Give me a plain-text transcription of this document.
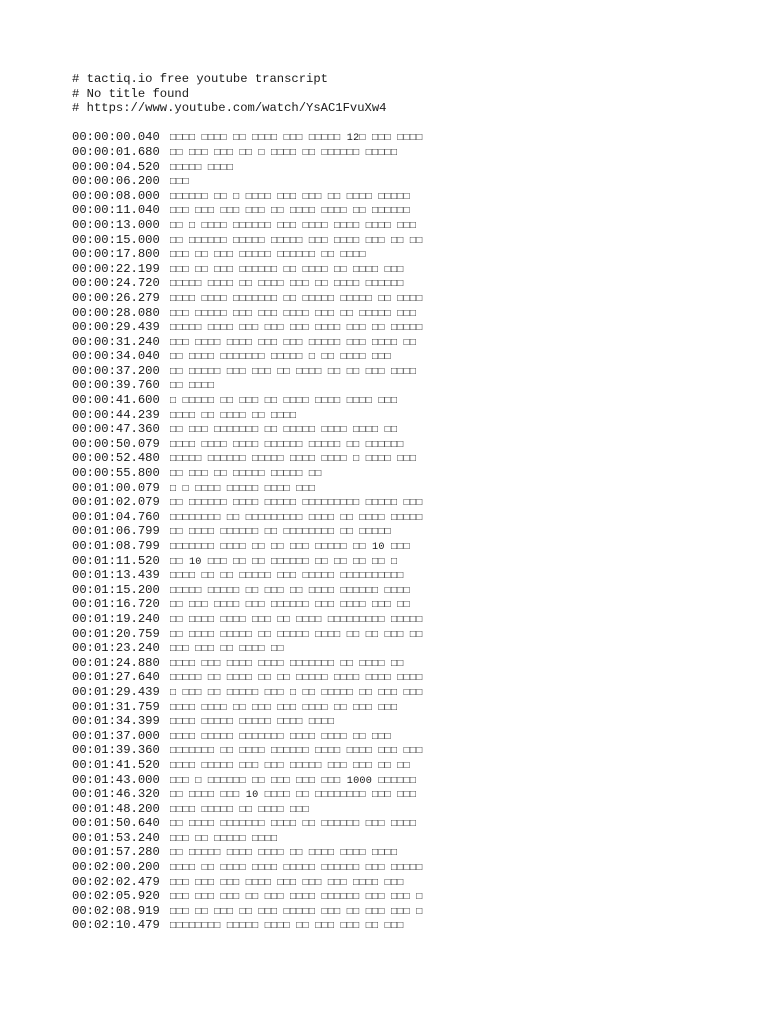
# tactiq.io free youtube transcript
# No title found
# https://www.youtube.com/watch/YsAC1FvuXw4
00:00:00.040 □□□□ □□□□ □□ □□□□ □□□ □□□□□ 12□ □□□ □□□□
00:00:01.680 □□ □□□ □□□ □□ □ □□□□ □□ □□□□□□ □□□□□
00:00:04.520 □□□□□ □□□□
00:00:06.200 □□□
00:00:08.000 □□□□□□ □□ □ □□□□ □□□ □□□ □□ □□□□ □□□□□
00:00:11.040 □□□ □□□ □□□ □□□ □□ □□□□ □□□□ □□ □□□□□□
00:00:13.000 □□ □ □□□□ □□□□□□ □□□ □□□□ □□□□ □□□□ □□□
00:00:15.000 □□ □□□□□□ □□□□□ □□□□□ □□□ □□□□ □□□ □□ □□
00:00:17.800 □□□ □□ □□□ □□□□□ □□□□□□ □□ □□□□
00:00:22.199 □□□ □□ □□□ □□□□□□ □□ □□□□ □□ □□□□ □□□
00:00:24.720 □□□□□ □□□□ □□ □□□□ □□□ □□ □□□□ □□□□□□
00:00:26.279 □□□□ □□□□ □□□□□□□ □□ □□□□□ □□□□□ □□ □□□□
00:00:28.080 □□□ □□□□□ □□□ □□□ □□□□ □□□ □□ □□□□□ □□□
00:00:29.439 □□□□□ □□□□ □□□ □□□ □□□ □□□□ □□□ □□ □□□□□
00:00:31.240 □□□ □□□□ □□□□ □□□ □□□ □□□□□ □□□ □□□□ □□
00:00:34.040 □□ □□□□ □□□□□□□ □□□□□ □ □□ □□□□ □□□
00:00:37.200 □□ □□□□□ □□□ □□□ □□ □□□□ □□ □□ □□□ □□□□
00:00:39.760 □□ □□□□
00:00:41.600 □ □□□□□ □□ □□□ □□ □□□□ □□□□ □□□□ □□□
00:00:44.239 □□□□ □□ □□□□ □□ □□□□
00:00:47.360 □□ □□□ □□□□□□□ □□ □□□□□ □□□□ □□□□ □□
00:00:50.079 □□□□ □□□□ □□□□ □□□□□□ □□□□□ □□ □□□□□□
00:00:52.480 □□□□□ □□□□□□ □□□□□ □□□□ □□□□ □ □□□□ □□□
00:00:55.800 □□ □□□ □□ □□□□□ □□□□□ □□
00:01:00.079 □ □ □□□□ □□□□□ □□□□ □□□
00:01:02.079 □□ □□□□□□ □□□□ □□□□□ □□□□□□□□□ □□□□□ □□□
00:01:04.760 □□□□□□□□ □□ □□□□□□□□□ □□□□ □□ □□□□ □□□□□
00:01:06.799 □□ □□□□ □□□□□□ □□ □□□□□□□□ □□ □□□□□
00:01:08.799 □□□□□□□ □□□□ □□ □□ □□□ □□□□□ □□ 10 □□□
00:01:11.520 □□ 10 □□□ □□ □□ □□□□□□ □□ □□ □□ □□ □
00:01:13.439 □□□□ □□ □□ □□□□□ □□□ □□□□□ □□□□□□□□□□
00:01:15.200 □□□□□ □□□□□ □□ □□□ □□ □□□□ □□□□□□ □□□□
00:01:16.720 □□ □□□ □□□□ □□□ □□□□□□ □□□ □□□□ □□□ □□
00:01:19.240 □□ □□□□ □□□□ □□□ □□ □□□□ □□□□□□□□□ □□□□□
00:01:20.759 □□ □□□□ □□□□□ □□ □□□□□ □□□□ □□ □□ □□□ □□
00:01:23.240 □□□ □□□ □□ □□□□ □□
00:01:24.880 □□□□ □□□ □□□□ □□□□ □□□□□□□ □□ □□□□ □□
00:01:27.640 □□□□□ □□ □□□□ □□ □□ □□□□□ □□□□ □□□□ □□□□
00:01:29.439 □ □□□ □□ □□□□□ □□□ □ □□ □□□□□ □□ □□□ □□□
00:01:31.759 □□□□ □□□□ □□ □□□ □□□ □□□□ □□ □□□ □□□
00:01:34.399 □□□□ □□□□□ □□□□□ □□□□ □□□□
00:01:37.000 □□□□ □□□□□ □□□□□□□ □□□□ □□□□ □□ □□□
00:01:39.360 □□□□□□□ □□ □□□□ □□□□□□ □□□□ □□□□ □□□ □□□
00:01:41.520 □□□□ □□□□□ □□□ □□□ □□□□□ □□□ □□□ □□ □□
00:01:43.000 □□□ □ □□□□□□ □□ □□□ □□□ □□□ 1000 □□□□□□
00:01:46.320 □□ □□□□ □□□ 10 □□□□ □□ □□□□□□□□ □□□ □□□
00:01:48.200 □□□□ □□□□□ □□ □□□□ □□□
00:01:50.640 □□ □□□□ □□□□□□□ □□□□ □□ □□□□□□ □□□ □□□□
00:01:53.240 □□□ □□ □□□□□ □□□□
00:01:57.280 □□ □□□□□ □□□□ □□□□ □□ □□□□ □□□□ □□□□
00:02:00.200 □□□□ □□ □□□□ □□□□ □□□□□ □□□□□□ □□□ □□□□□
00:02:02.479 □□□ □□□ □□□ □□□□ □□□ □□□ □□□ □□□□ □□□
00:02:05.920 □□□ □□□ □□□ □□ □□□ □□□□ □□□□□□ □□□ □□□ □
00:02:08.919 □□□ □□ □□□ □□ □□□ □□□□□ □□□ □□ □□□ □□□ □
00:02:10.479 □□□□□□□□ □□□□□ □□□□ □□ □□□ □□□ □□ □□□
